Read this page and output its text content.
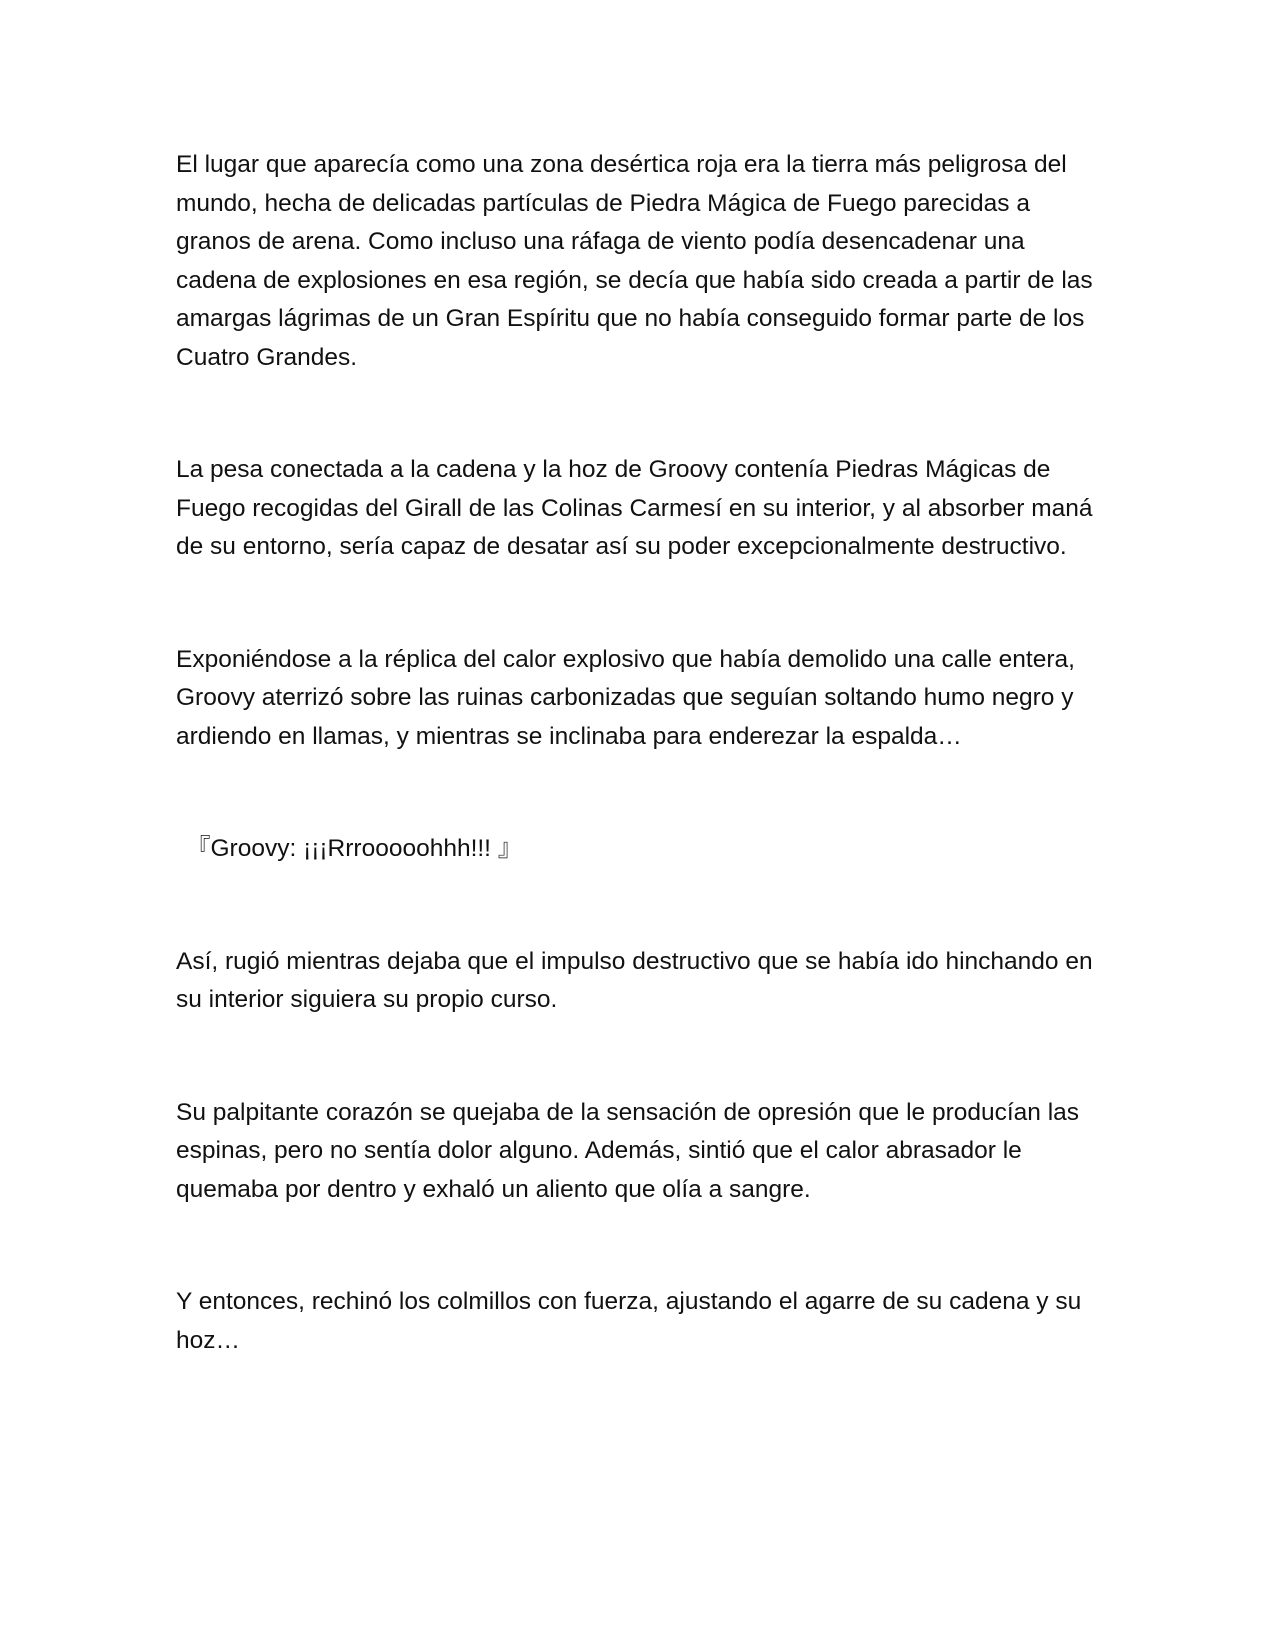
El lugar que aparecía como una zona desértica roja era la tierra más peligrosa del mundo, hecha de delicadas partículas de Piedra Mágica de Fuego parecidas a granos de arena. Como incluso una ráfaga de viento podía desencadenar una cadena de explosiones en esa región, se decía que había sido creada a partir de las amargas lágrimas de un Gran Espíritu que no había conseguido formar parte de los Cuatro Grandes.

La pesa conectada a la cadena y la hoz de Groovy contenía Piedras Mágicas de Fuego recogidas del Girall de las Colinas Carmesí en su interior, y al absorber maná de su entorno, sería capaz de desatar así su poder excepcionalmente destructivo.

Exponiéndose a la réplica del calor explosivo que había demolido una calle entera, Groovy aterrizó sobre las ruinas carbonizadas que seguían soltando humo negro y ardiendo en llamas, y mientras se inclinaba para enderezar la espalda…

『Groovy: ¡¡¡Rrrooooohhh!!! 』

Así, rugió mientras dejaba que el impulso destructivo que se había ido hinchando en su interior siguiera su propio curso.

Su palpitante corazón se quejaba de la sensación de opresión que le producían las espinas, pero no sentía dolor alguno. Además, sintió que el calor abrasador le quemaba por dentro y exhaló un aliento que olía a sangre.

Y entonces, rechinó los colmillos con fuerza, ajustando el agarre de su cadena y su hoz…
